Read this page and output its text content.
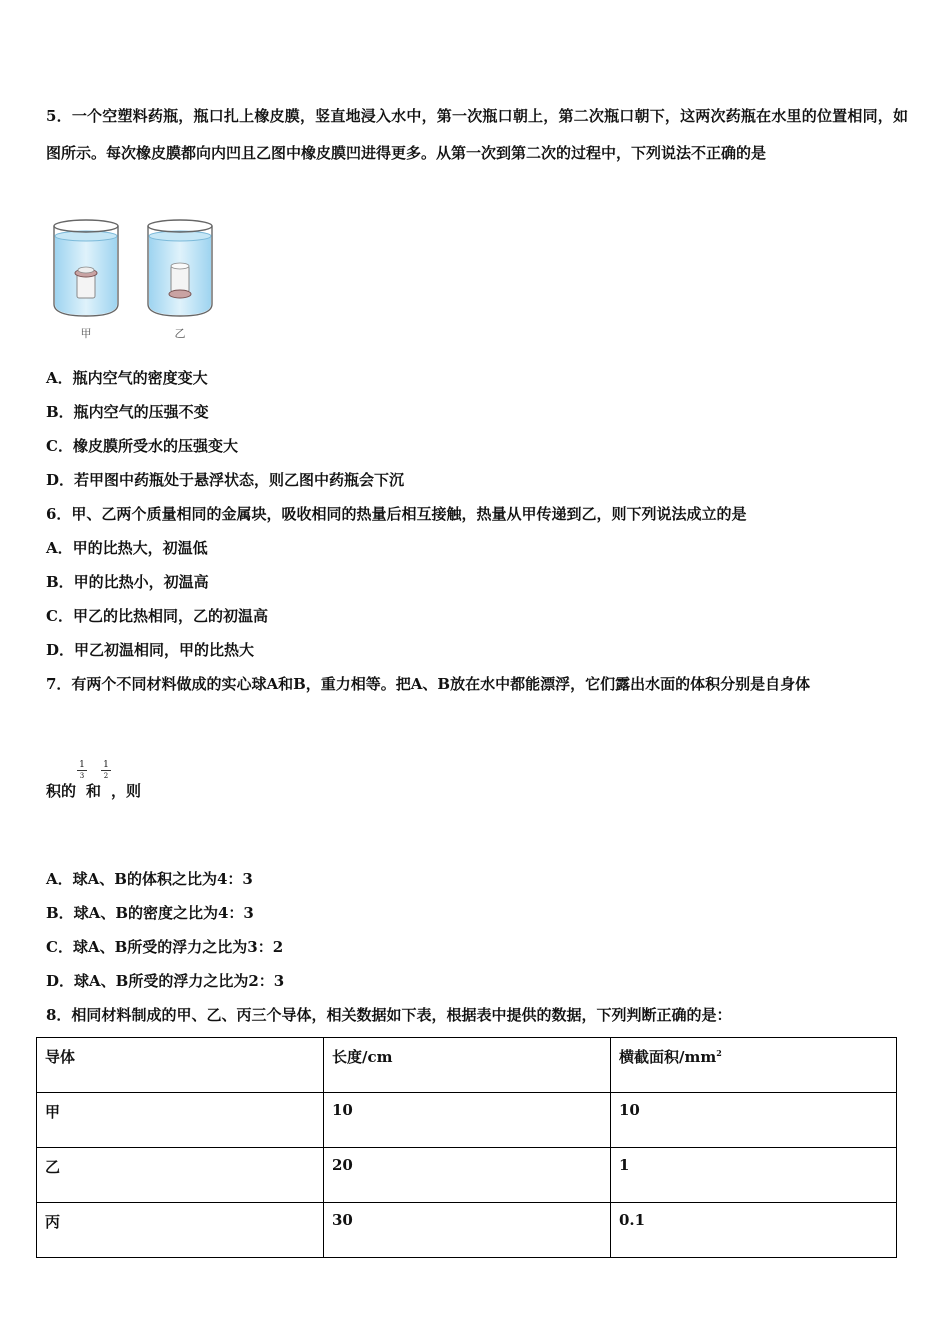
5．一个空塑料药瓶，瓶口扎上橡皮膜，竖直地浸入水中，第一次瓶口朝上，第二次瓶口朝下，这两次药瓶在水里的位置相同，如图所示。每次橡皮膜都向内凹且乙图中橡皮膜凹进得更多。从第一次到第二次的过程中，下列说法不正确的是
甲	乙
A．瓶内空气的密度变大
B．瓶内空气的压强不变
C．橡皮膜所受水的压强变大
D．若甲图中药瓶处于悬浮状态，则乙图中药瓶会下沉
6．甲、乙两个质量相同的金属块，吸收相同的热量后相互接触，热量从甲传递到乙，则下列说法成立的是
A．甲的比热大，初温低
B．甲的比热小，初温高
C．甲乙的比热相同，乙的初温高
D．甲乙初温相同，甲的比热大
7．有两个不同材料做成的实心球A和B，重力相等。把A、B放在水中都能漂浮，它们露出水面的体积分别是自身体
积的 和 ，则
1
3
1
2
A．球A、B的体积之比为4：3
B．球A、B的密度之比为4：3
C．球A、B所受的浮力之比为3：2
D．球A、B所受的浮力之比为2：3
8．相同材料制成的甲、乙、丙三个导体，相关数据如下表，根据表中提供的数据，下列判断正确的是：
导体	长度/cm	横截面积$/mm^2$
甲	10	10
乙	20	1
丙	30	0.1
